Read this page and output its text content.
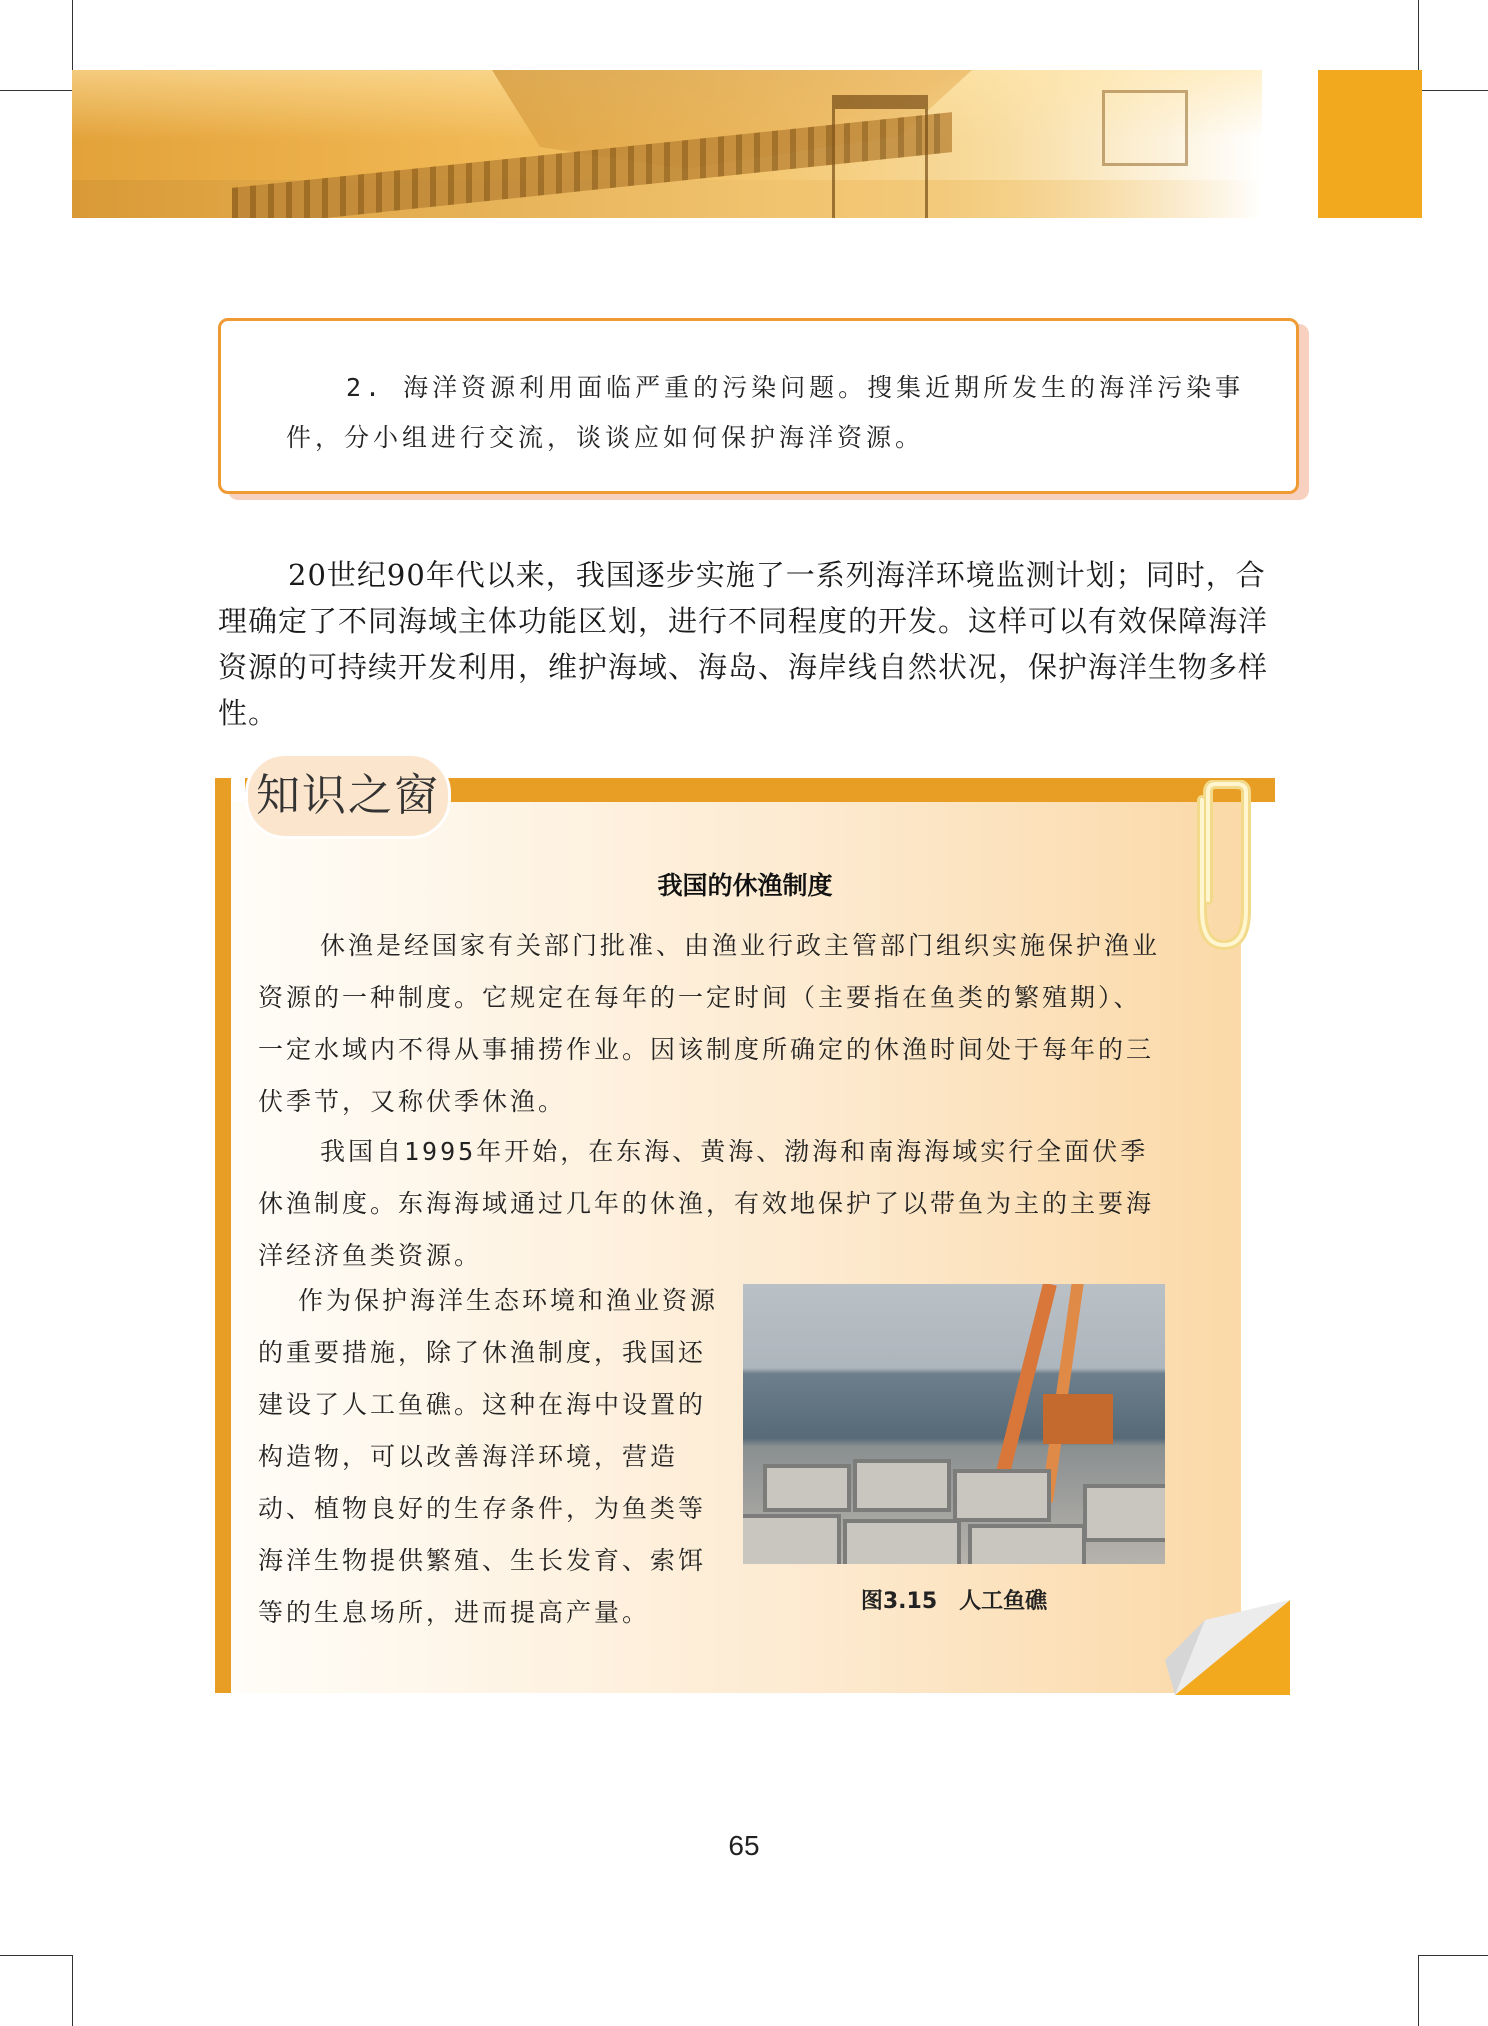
2. 海洋资源利用面临严重的污染问题。搜集近期所发生的海洋污染事件，分小组进行交流，谈谈应如何保护海洋资源。

20世纪90年代以来，我国逐步实施了一系列海洋环境监测计划；同时，合理确定了不同海域主体功能区划，进行不同程度的开发。这样可以有效保障海洋资源的可持续开发利用，维护海域、海岛、海岸线自然状况，保护海洋生物多样性。

知识之窗
我国的休渔制度

休渔是经国家有关部门批准、由渔业行政主管部门组织实施保护渔业资源的一种制度。它规定在每年的一定时间（主要指在鱼类的繁殖期）、一定水域内不得从事捕捞作业。因该制度所确定的休渔时间处于每年的三伏季节，又称伏季休渔。

我国自1995年开始，在东海、黄海、渤海和南海海域实行全面伏季休渔制度。东海海域通过几年的休渔，有效地保护了以带鱼为主的主要海洋经济鱼类资源。

作为保护海洋生态环境和渔业资源的重要措施，除了休渔制度，我国还建设了人工鱼礁。这种在海中设置的构造物，可以改善海洋环境，营造动、植物良好的生存条件，为鱼类等海洋生物提供繁殖、生长发育、索饵等的生息场所，进而提高产量。	图3.15　人工鱼礁
65
